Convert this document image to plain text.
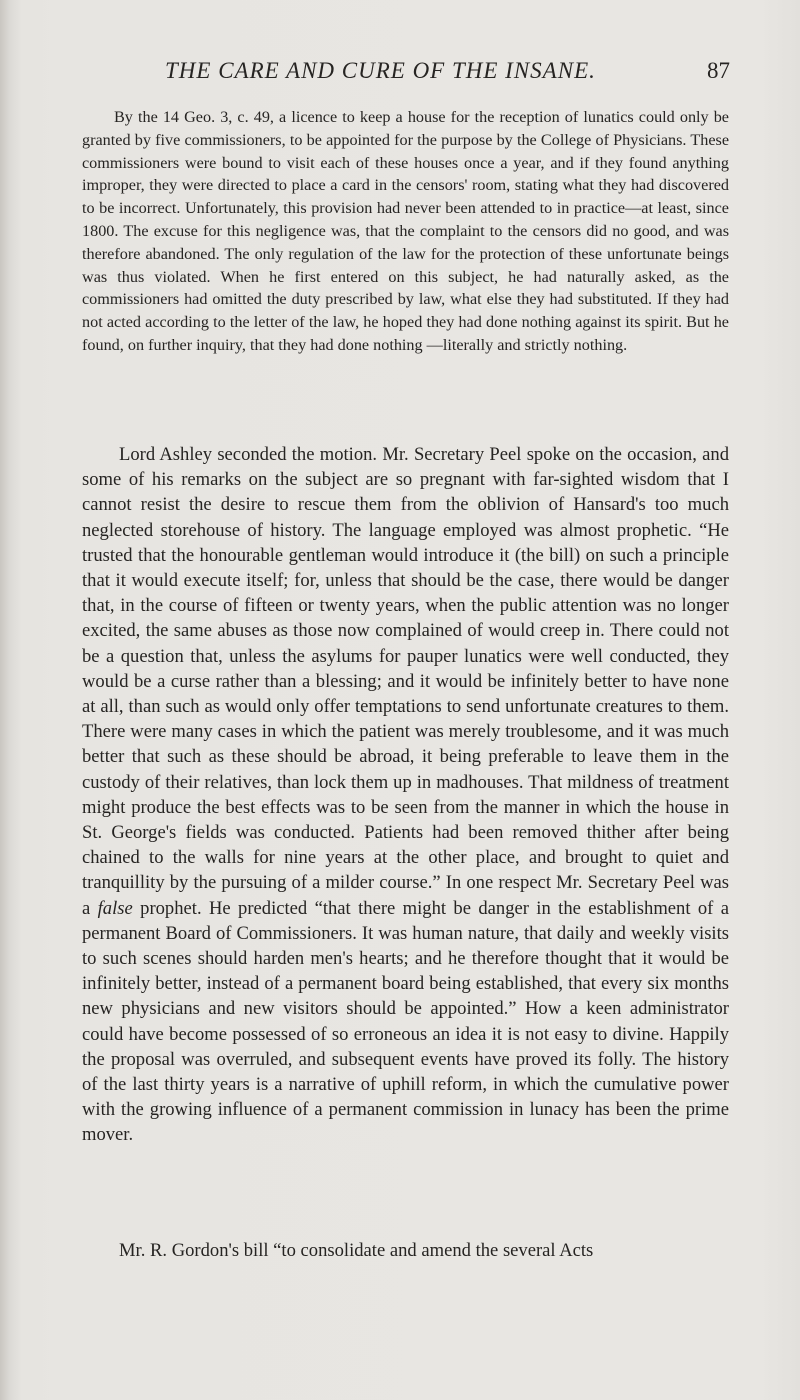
THE CARE AND CURE OF THE INSANE.	87

By the 14 Geo. 3, c. 49, a licence to keep a house for the reception of lunatics could only be granted by five commissioners, to be appointed for the purpose by the College of Physicians. These commissioners were bound to visit each of these houses once a year, and if they found anything improper, they were directed to place a card in the censors' room, stating what they had discovered to be incorrect. Unfortunately, this provision had never been attended to in practice—at least, since 1800. The excuse for this negligence was, that the complaint to the censors did no good, and was therefore abandoned. The only regulation of the law for the protection of these unfortunate beings was thus violated. When he first entered on this subject, he had naturally asked, as the commissioners had omitted the duty prescribed by law, what else they had substituted. If they had not acted according to the letter of the law, he hoped they had done nothing against its spirit. But he found, on further inquiry, that they had done nothing —literally and strictly nothing.

Lord Ashley seconded the motion. Mr. Secretary Peel spoke on the occasion, and some of his remarks on the subject are so pregnant with far-sighted wisdom that I cannot resist the desire to rescue them from the oblivion of Hansard's too much neglected storehouse of history. The language employed was almost prophetic. “He trusted that the honourable gentleman would introduce it (the bill) on such a principle that it would execute itself; for, unless that should be the case, there would be danger that, in the course of fifteen or twenty years, when the public attention was no longer excited, the same abuses as those now complained of would creep in. There could not be a question that, unless the asylums for pauper lunatics were well conducted, they would be a curse rather than a blessing; and it would be infinitely better to have none at all, than such as would only offer temptations to send unfortunate creatures to them. There were many cases in which the patient was merely troublesome, and it was much better that such as these should be abroad, it being preferable to leave them in the custody of their relatives, than lock them up in madhouses. That mildness of treatment might produce the best effects was to be seen from the manner in which the house in St. George's fields was conducted. Patients had been removed thither after being chained to the walls for nine years at the other place, and brought to quiet and tranquillity by the pursuing of a milder course.” In one respect Mr. Secretary Peel was a false prophet. He predicted “that there might be danger in the establishment of a permanent Board of Commissioners. It was human nature, that daily and weekly visits to such scenes should harden men's hearts; and he therefore thought that it would be infinitely better, instead of a permanent board being established, that every six months new physicians and new visitors should be appointed.” How a keen administrator could have become possessed of so erroneous an idea it is not easy to divine. Happily the proposal was overruled, and subsequent events have proved its folly. The history of the last thirty years is a narrative of uphill reform, in which the cumulative power with the growing influence of a permanent commission in lunacy has been the prime mover.

Mr. R. Gordon's bill “to consolidate and amend the several Acts
